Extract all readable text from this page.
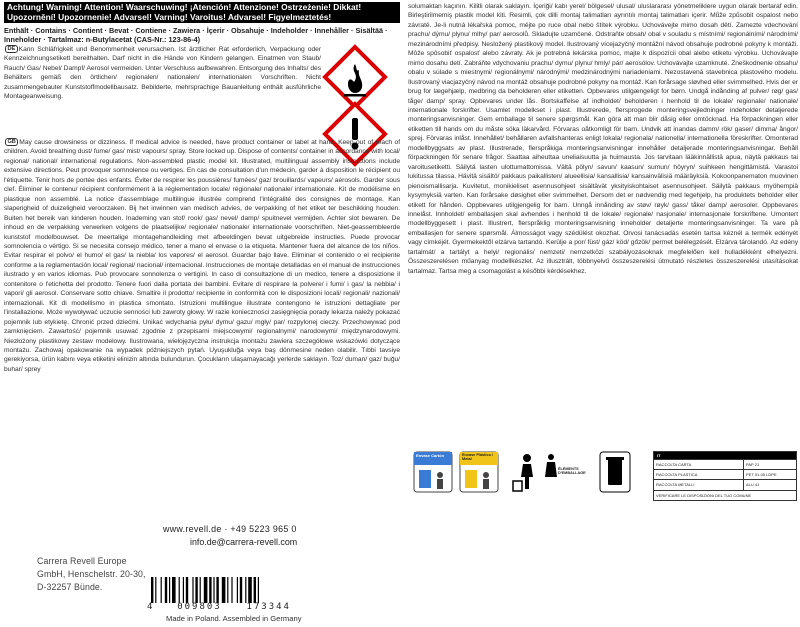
Achtung! Warning! Attention! Waarschuwing! ¡Atención! Attenzione! Ostrzeżenie! Dikkat! Upozornění! Upozornenie! Advarsel! Varning! Varoitus! Advarsel! Figyelmeztetés!
Enthält · Contains · Contient · Bevat · Contiene · Zawiera · İçerir · Obsahuje · Indeholder · Innehåller · Sisältää · Inneholder · Tartalmaz: n-Butylacetat (CAS-Nr.: 123-86-4)
DE Kann Schläfrigkeit und Benommenheit verursachen. Ist ärztlicher Rat erforderlich, Verpackung oder Kennzeichnungsetikett bereithalten. Darf nicht in die Hände von Kindern gelangen. Einatmen von Staub/ Rauch/ Gas/ Nebel/ Dampf/ Aerosol vermeiden. Unter Verschluss aufbewahren. Entsorgung des Inhalts/ des Behälters gemäß den örtlichen/ regionalen/ nationalen/ internationalen Vorschriften. Nicht zusammengebauter Kunststoffmodellbausatz. Bebilderte, mehrsprachige Bauanleitung enthält ausführliche Montageanweisung.
GB May cause drowsiness or dizziness. If medical advice is needed, have product container or label at hand. Keep out of reach of children. Avoid breathing dust/ fume/ gas/ mist/ vapours/ spray. Store locked up. Dispose of contents/ container in accordance with local/ regional/ national/ international regulations. Non-assembled plastic model kit. Illustrated, multilingual assembly instructions include extensive directions. Peut provoquer somnolence ou vertiges. En cas de consultation d'un médecin, garder à disposition le récipient ou l'étiquette. Tenir hors de portée des enfants. Éviter de respirer les poussières/ fumées/ gaz/ brouillards/ vapeurs/ aérosols. Garder sous clef. Éliminer le contenu/ récipient conformément à la réglementation locale/ régionale/ nationale/ internationale. Kit de modélisme en plastique non assemblé. La notice d'assemblage multilingue illustrée comprend l'intégralité des consignes de montage. Kan slaperigheid of duizeligheid veroorzaken. Bij het inwinnen van medisch advies, de verpakking of het etiket ter beschikking houden. Buiten het bereik van kinderen houden. Inademing van stof/ rook/ gas/ nevel/ damp/ spuitnevel vermijden. Achter slot bewaren. De inhoud en de verpakking verwerken volgens de plaatselijke/ regionale/ nationale/ internationale voorschriften. Niet-geassembleerde kunststof modelbouwset. De meertalige montagehandleiding met afbeeldingen bevat uitgebreide instructies. Puede provocar somnolencia o vértigo. Si se necesita consejo médico, tener a mano el envase o la etiqueta. Mantener fuera del alcance de los niños. Evitar respirar el polvo/ el humo/ el gas/ la niebla/ los vapores/ el aerosol. Guardar bajo llave. Eliminar el contenido o el recipiente conforme a la reglamentación local/ regional/ nacional/ internacional. Instrucciones de montaje detalladas en el manual de instrucciones ilustrado y en varios idiomas. Può provocare sonnolenza o vertigini. In caso di consultazione di un medico, tenere a disposizione il contenitore o l'etichetta del prodotto. Tenere fuori dalla portata dei bambini. Evitare di respirare la polvere/ i fumi/ i gas/ la nebbia/ i vapori/ gli aerosol. Conservare sotto chiave. Smaltire il prodotto/ recipiente in conformità con le disposizioni locali/ regionali/ nazionali/ internazionali. Kit di modellismo in plastica smontato. Istruzioni multilingue illustrate contengono le istruzioni dettagliate per l'installazione. Może wywoływać uczucie senności lub zawroty głowy. W razie konieczności zasięgnięcia porady lekarza należy pokazać pojemnik lub etykietę. Chronić przed dziećmi. Unikać wdychania pyłu/ dymu/ gazu/ mgły/ par/ rozpylonej cieczy. Przechowywać pod zamknięciem. Zawartość/ pojemnik usuwać zgodnie z przepisami miejscowymi/ regionalnymi/ narodowymi/ międzynarodowymi. Niezłożony plastikowy zestaw modelowy. Ilustrowana, wielojęzyczna instrukcja montażu zawiera szczegółowe wskazówki dotyczące montażu. Zachowaj opakowanie na wypadek późniejszych pytań. Uyuşukluğa veya baş dönmesine neden olabilir. Tıbbi tavsiye gerekiyorsa, ürün kabını veya etiketini elinizin altında bulundurun. Çocukların ulaşamayacağı yerlerde saklayın. Toz/ duman/ gaz/ buğu/ buhar/ sprey
solumaktan kaçının. Kilitli olarak saklayın. İçeriği/ kabı yerel/ bölgesel/ ulusal/ uluslararası yönetmeliklere uygun olarak bertaraf edin. Birleştirilmemiş plastik model kiti. Resimli, çok dilli montaj talimatları ayrıntılı montaj talimatları içerir. Může způsobit ospalost nebo závratě. Je-li nutná lékařská pomoc, mějte po ruce obal nebo štítek výrobku. Uchovávejte mimo dosah dětí. Zamezte vdechování prachu/ dýmu/ plynu/ mlhy/ par/ aerosolů. Skladujte uzamčené. Odstraňte obsah/ obal v souladu s místními/ regionálními/ národními/ mezinárodními předpisy. Nesložený plastikový model. Ilustrovaný vícejazyčný montážní návod obsahuje podrobné pokyny k montáži. Môže spôsobiť ospalosť alebo závraty. Ak je potrebná lekárska pomoc, majte k dispozícii obal alebo etiketu výrobku. Uchovávajte mimo dosahu detí. Zabráňte vdychovaniu prachu/ dymu/ plynu/ hmly/ pár/ aerosólov. Uchovávajte uzamknuté. Zneškodnenie obsahu/ obalu v súlade s miestnymi/ regionálnymi/ národnými/ medzinárodnými nariadeniami. Nezostavená stavebnica plastového modelu. Ilustrovaný viacjazyčný návod na montáž obsahuje podrobné pokyny na montáž. Kan forårsage sløvhed eller svimmelhed. Hvis der er brug for lægehjælp, medbring da beholderen eller etiketten. Opbevares utilgængeligt for børn. Undgå indånding af pulver/ røg/ gas/ tåge/ damp/ spray. Opbevares under lås. Bortskaffelse af indholdet/ beholderen i henhold til de lokale/ regionale/ nationale/ internationale forskrifter. Usamlet modelkset i plast. Illustrerede, flersprogede monteringsvejledninger indeholder detaljerede monteringsanvisninger. Gem emballage til senere spørgsmål. Kan göra att man blir dåsig eller omtöcknad. Ha förpackningen eller etiketten till hands om du måste söka läkarvård. Förvaras oåtkomligt för barn. Undvik att inandas damm/ rök/ gaser/ dimma/ ångor/ sprej. Förvaras inlåst. Innehållet/ behållaren avfallshanteras enligt lokala/ regionala/ nationella/ internationella föreskrifter. Omonterad modellbyggsats av plast. Illustrerade, flerspråkiga monteringsanvisningar innehåller detaljerade monteringsanvisningar. Behåll förpackningen för senare frågor. Saattaa aiheuttaa uneliaisuutta ja huimausta. Jos tarvitaan lääkinnällistä apua, näytä pakkaus tai varoitusetiketti. Säilytä lasten ulottumattomissa. Vältä pölyn/ savun/ kaasun/ sumun/ höyryn/ suihkeen hengittämistä. Varastoi lukitussa tilassa. Hävitä sisältö/ pakkaus paikallisten/ alueellisia/ kansallisia/ kansainvälisiä määräyksiä. Kokoonpanematon muovinen pienoismallisarja. Kuvitetut, monikieliset asennusohjeet sisältävät yksityiskohtaiset asennusohjeet. Säilytä pakkaus myöhempiä kysymyksiä varten. Kan forårsake døsighet eller svimmelhet. Dersom det er nødvendig med legehjelp, ha produktets beholder eller etikett for hånden. Oppbevares utilgjengelig for barn. Unngå innånding av støv/ røyk/ gass/ tåke/ damp/ aerosoler. Oppbevares innelåst. Innholdet/ emballasjen skal avhendes i henhold til de lokale/ regionale/ nasjonale/ internasjonale forskriftene. Umontert modellbyggesett i plast. Illustrert, flerspråklig monteringsanvisning inneholder detaljerte monteringsanvisninger. Ta vare på emballasjen for senere spørsmål. Álmosságot vagy szédülést okozhat. Orvosi tanácsadás esetén tartsa kéznél a termék edényét vagy címkéjét. Gyermekektől elzárva tartandó. Kerülje a por/ füst/ gáz/ köd/ gőzök/ permet belélegzését. Elzárva tárolandó. Az edény tartalmát/ a tartályt a helyi/ regionális/ nemzeti/ nemzetközi szabályozásoknak megfelelően kell hulladékként elhelyezni. Összeszerelésen műanyag modellkészlet. Az illusztrált, többnyelvű összeszerelési útmutató részletes összeszerelési utasításokat tartalmaz. Tartsa meg a csomagolást a későbbi kérdésekhez.
Envase Cartón	Envase Plástico / Metal
ÉLÉMENTS D'EMBALLAGE
IT
RACCOLTA CARTA	PAP 21
RACCOLTA PLASTICA	PET 01-05 LDPE
RACCOLTA METALLI	ALU 41
VERIFICARE LE DISPOSIZIONI DEL TUO COMUNE
www.revell.de · +49 5223 965 0
info.de@carrera-revell.com
Carrera Revell Europe
GmbH, Henschelstr. 20-30,
D-32257 Bünde.
4	009803	173344
Made in Poland. Assembled in Germany
